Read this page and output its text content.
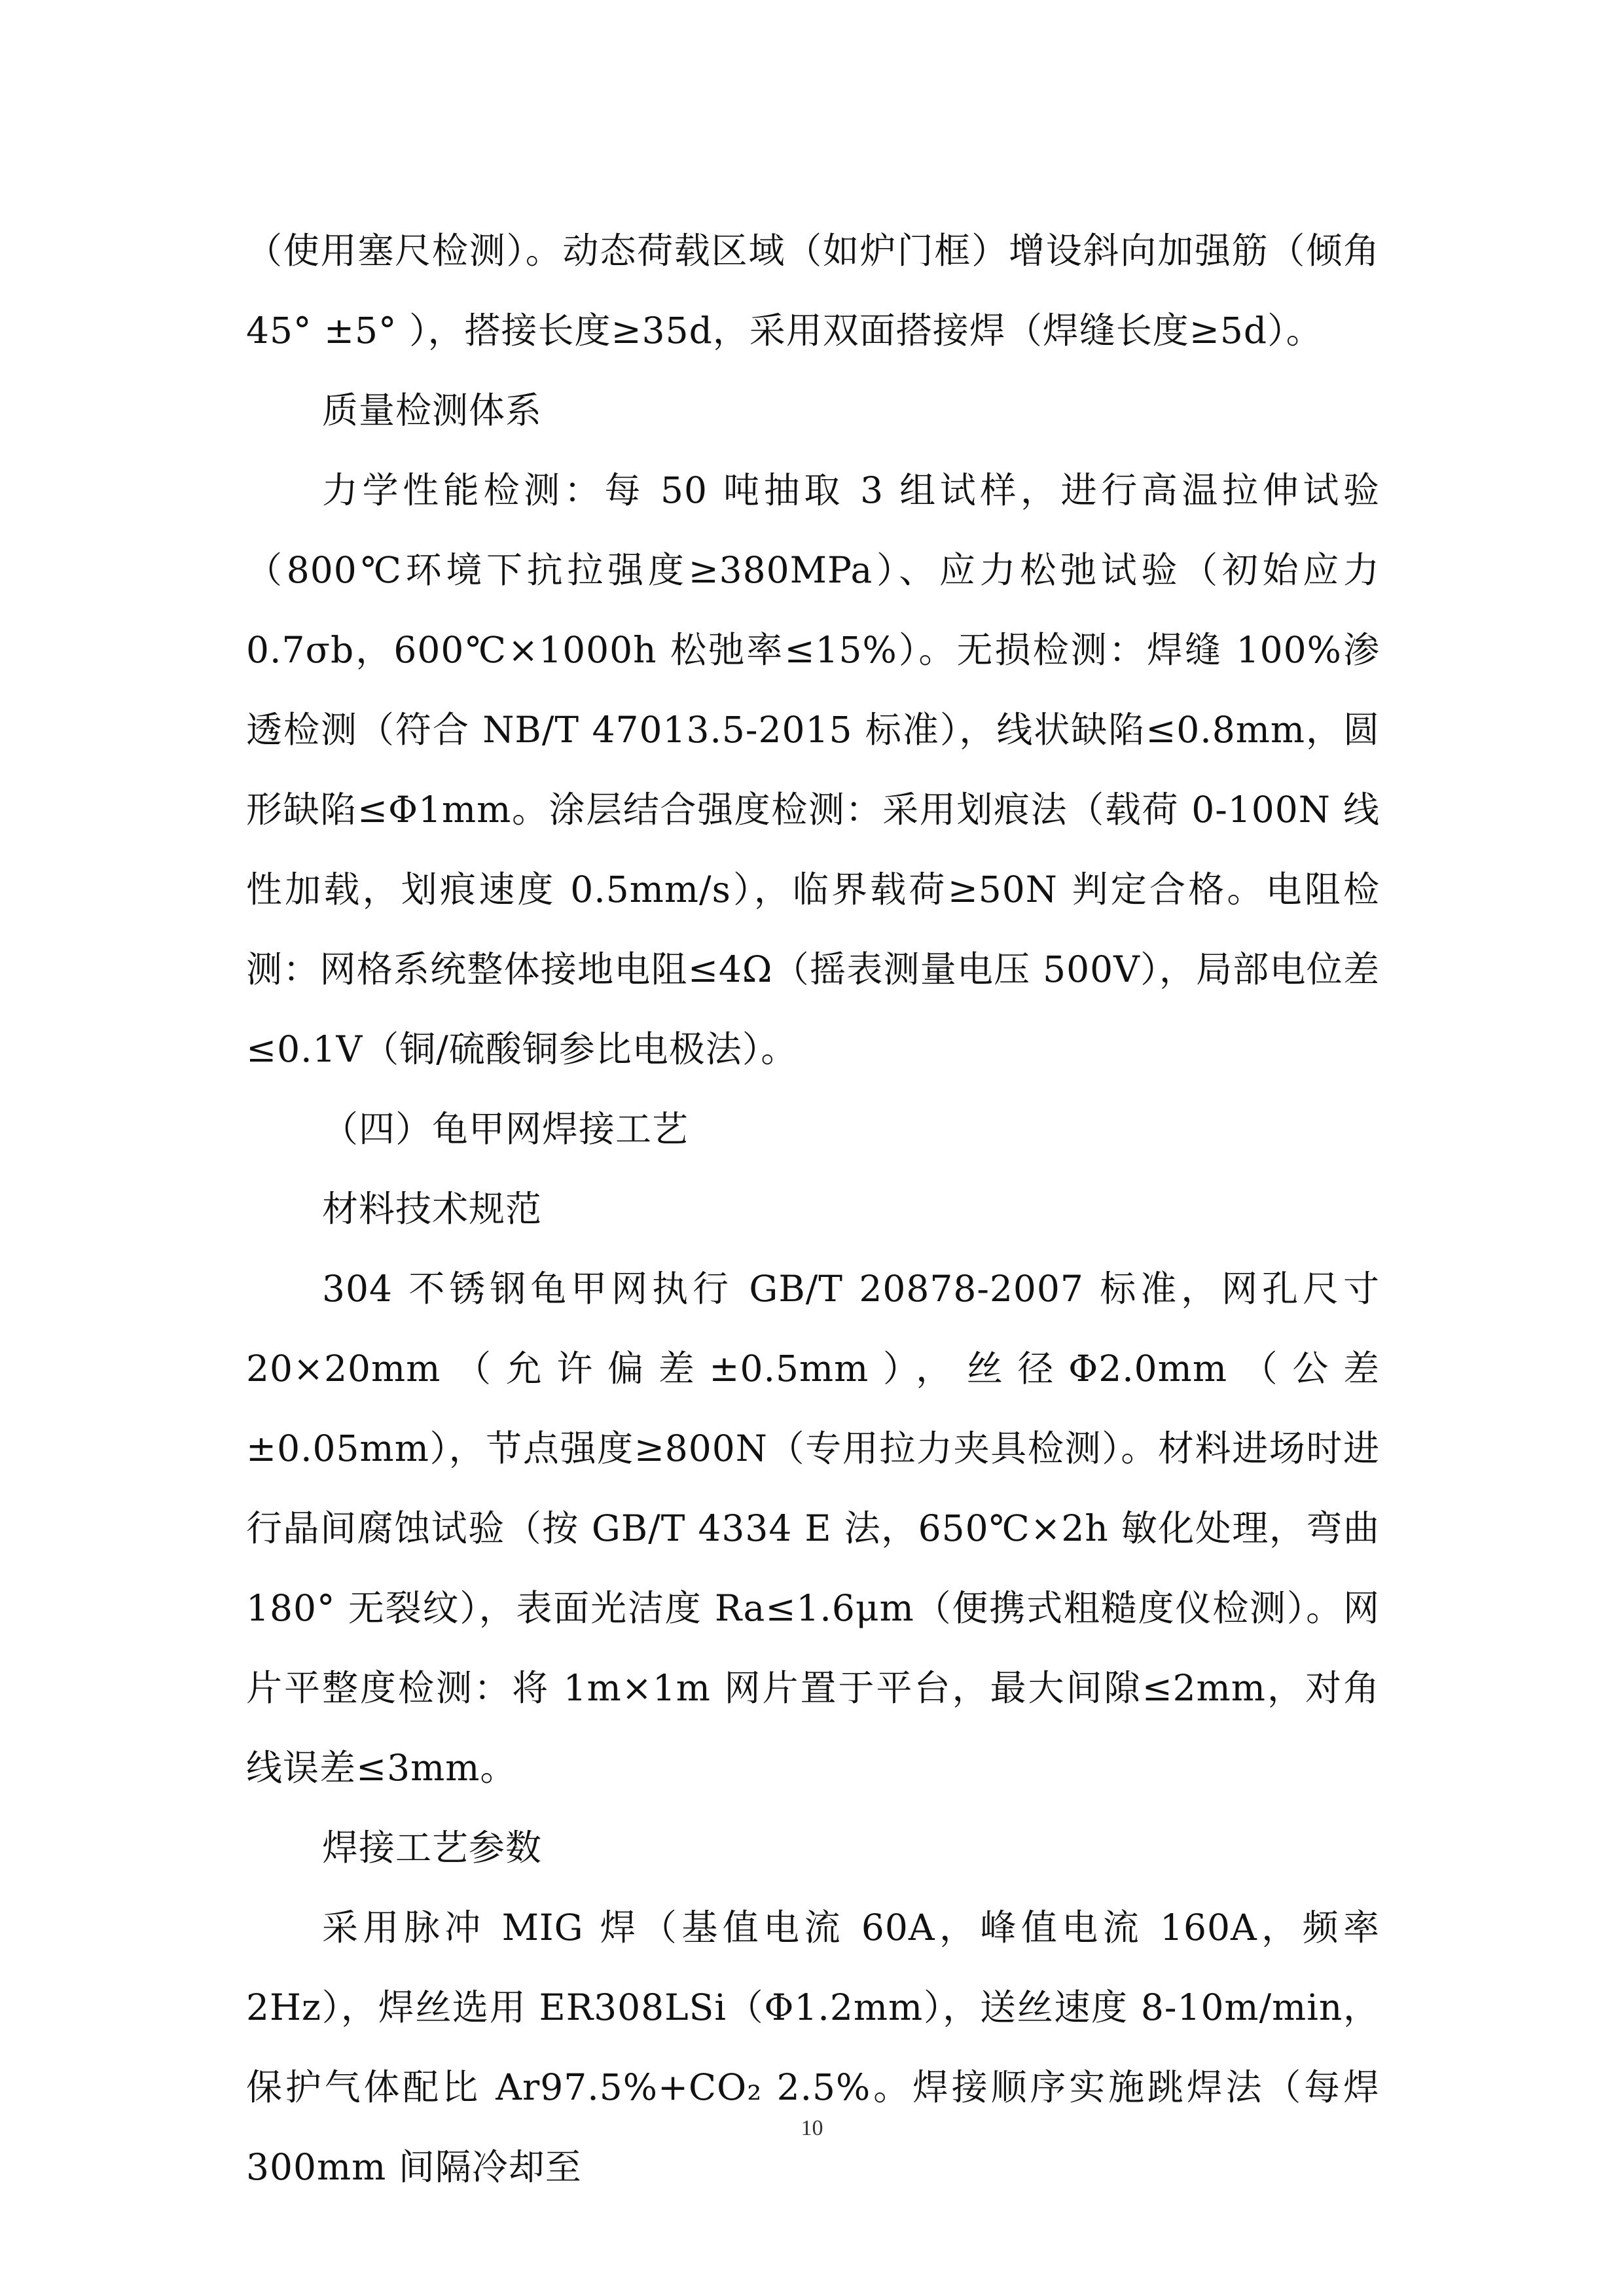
（使用塞尺检测）。动态荷载区域（如炉门框）增设斜向加强筋（倾角 45° ±5° ），搭接长度≥35d，采用双面搭接焊（焊缝长度≥5d）。

质量检测体系

力学性能检测：每 50 吨抽取 3 组试样，进行高温拉伸试验（800℃环境下抗拉强度≥380MPa）、应力松弛试验（初始应力 0.7σb，600℃×1000h 松弛率≤15%）。无损检测：焊缝 100%渗透检测（符合 NB/T 47013.5-2015 标准），线状缺陷≤0.8mm，圆形缺陷≤Φ1mm。涂层结合强度检测：采用划痕法（载荷 0-100N 线性加载，划痕速度 0.5mm/s），临界载荷≥50N 判定合格。电阻检测：网格系统整体接地电阻≤4Ω（摇表测量电压 500V），局部电位差≤0.1V（铜/硫酸铜参比电极法）。

（四）龟甲网焊接工艺

材料技术规范

304 不锈钢龟甲网执行 GB/T 20878-2007 标准，网孔尺寸 20×20mm（允许偏差±0.5mm），丝径Φ2.0mm（公差±0.05mm），节点强度≥800N（专用拉力夹具检测）。材料进场时进行晶间腐蚀试验（按 GB/T 4334 E 法，650℃×2h 敏化处理，弯曲 180° 无裂纹），表面光洁度 Ra≤1.6μm（便携式粗糙度仪检测）。网片平整度检测：将 1m×1m 网片置于平台，最大间隙≤2mm，对角线误差≤3mm。

焊接工艺参数

采用脉冲 MIG 焊（基值电流 60A，峰值电流 160A，频率 2Hz），焊丝选用 ER308LSi（Φ1.2mm），送丝速度 8-10m/min，保护气体配比 Ar97.5%+CO₂ 2.5%。焊接顺序实施跳焊法（每焊 300mm 间隔冷却至

10
